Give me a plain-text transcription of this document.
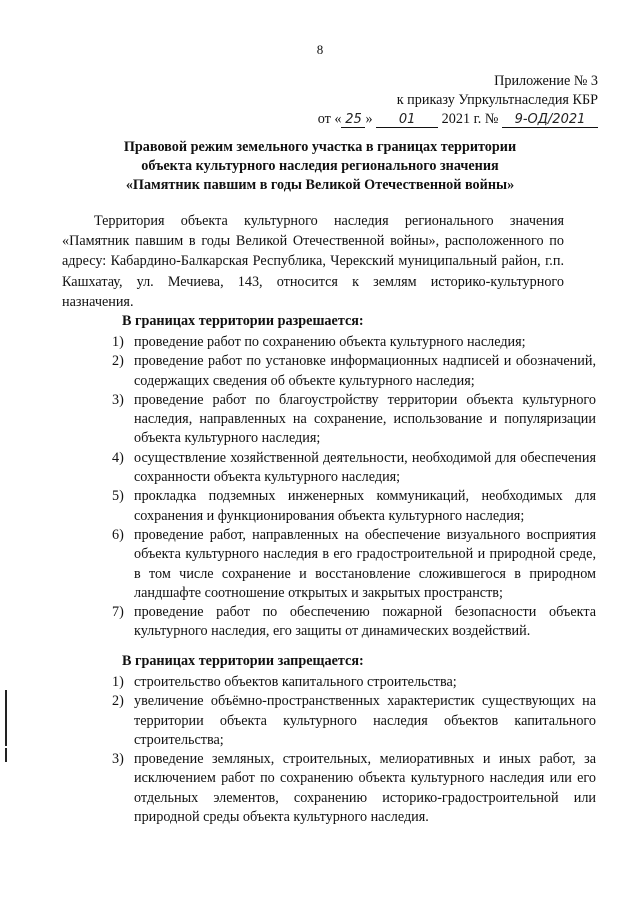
8
Приложение № 3
к приказу Упркультнаследия КБР
от « 25 » 01 2021 г. № 9-ОД/2021
Правовой режим земельного участка в границах территории
объекта культурного наследия регионального значения
«Памятник павшим в годы Великой Отечественной войны»
Территория объекта культурного наследия регионального значения «Памятник павшим в годы Великой Отечественной войны», расположенного по адресу: Кабардино-Балкарская Республика, Черекский муниципальный район, г.п. Кашхатау, ул. Мечиева, 143, относится к землям историко-культурного назначения.
В границах территории разрешается:
1) проведение работ по сохранению объекта культурного наследия;
2) проведение работ по установке информационных надписей и обозначений, содержащих сведения об объекте культурного наследия;
3) проведение работ по благоустройству территории объекта культурного наследия, направленных на сохранение, использование и популяризации объекта культурного наследия;
4) осуществление хозяйственной деятельности, необходимой для обеспечения сохранности объекта культурного наследия;
5) прокладка подземных инженерных коммуникаций, необходимых для сохранения и функционирования объекта культурного наследия;
6) проведение работ, направленных на обеспечение визуального восприятия объекта культурного наследия в его градостроительной и природной среде, в том числе сохранение и восстановление сложившегося в природном ландшафте соотношение открытых и закрытых пространств;
7) проведение работ по обеспечению пожарной безопасности объекта культурного наследия, его защиты от динамических воздействий.
В границах территории запрещается:
1) строительство объектов капитального строительства;
2) увеличение объёмно-пространственных характеристик существующих на территории объекта культурного наследия объектов капитального строительства;
3) проведение земляных, строительных, мелиоративных и иных работ, за исключением работ по сохранению объекта культурного наследия или его отдельных элементов, сохранению историко-градостроительной или природной среды объекта культурного наследия.
